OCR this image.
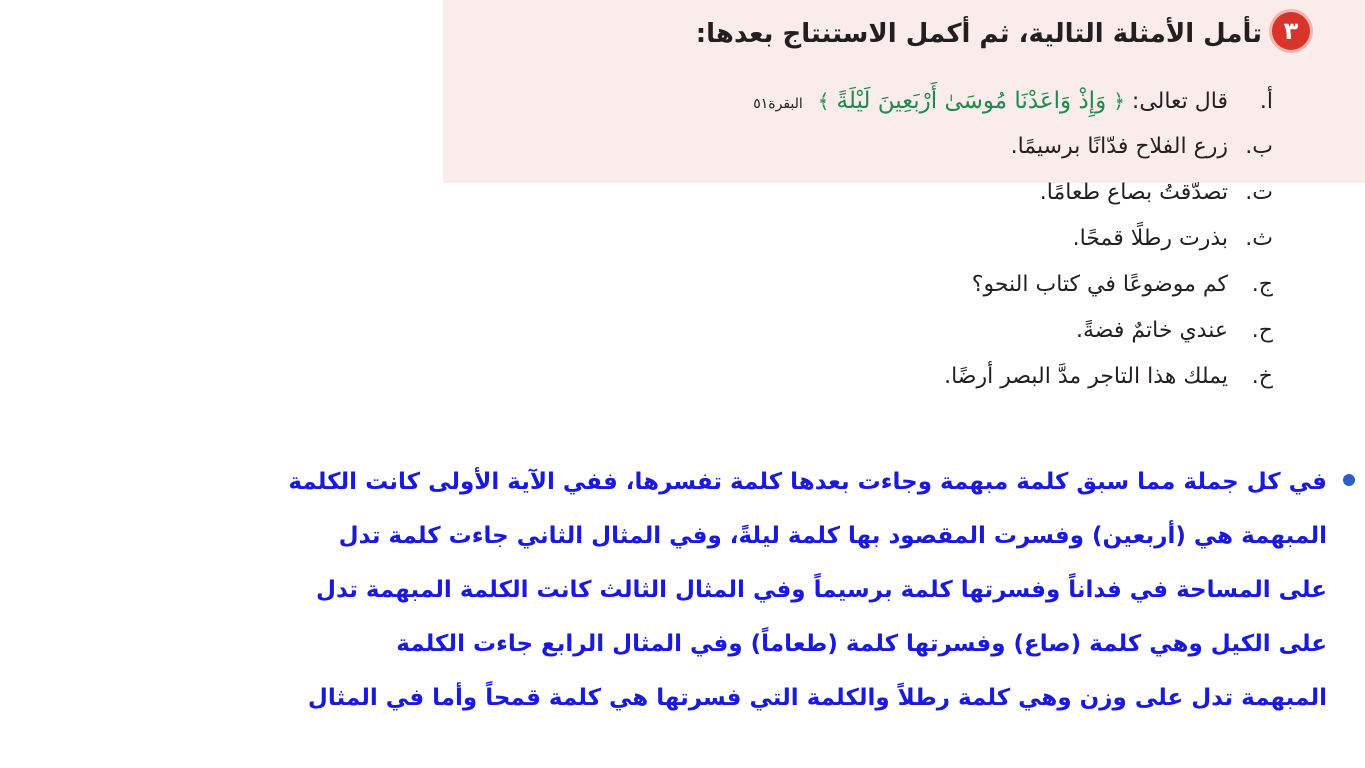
٣
تأمل الأمثلة التالية، ثم أكمل الاستنتاج بعدها:
أ. قال تعالى: ﴿ وَإِذْ وَاعَدْنَا مُوسَىٰ أَرْبَعِينَ لَيْلَةً ﴾ البقرة٥١
ب. زرع الفلاح فدّانًا برسيمًا.
ت. تصدّقتُ بصاع طعامًا.
ث. بذرت رطلًا قمحًا.
ج. كم موضوعًا في كتاب النحو؟
ح. عندي خاتمٌ فضةً.
خ. يملك هذا التاجر مدَّ البصر أرضًا.
في كل جملة مما سبق كلمة مبهمة وجاءت بعدها كلمة تفسرها، ففي الآية الأولى كانت الكلمة
المبهمة هي (أربعين) وفسرت المقصود بها كلمة ليلةً، وفي المثال الثاني جاءت كلمة تدل
على المساحة في فداناً وفسرتها كلمة برسيماً وفي المثال الثالث كانت الكلمة المبهمة تدل
على الكيل وهي كلمة (صاع) وفسرتها كلمة (طعاماً) وفي المثال الرابع جاءت الكلمة
المبهمة تدل على وزن وهي كلمة رطلاً والكلمة التي فسرتها هي كلمة قمحاً وأما في المثال
